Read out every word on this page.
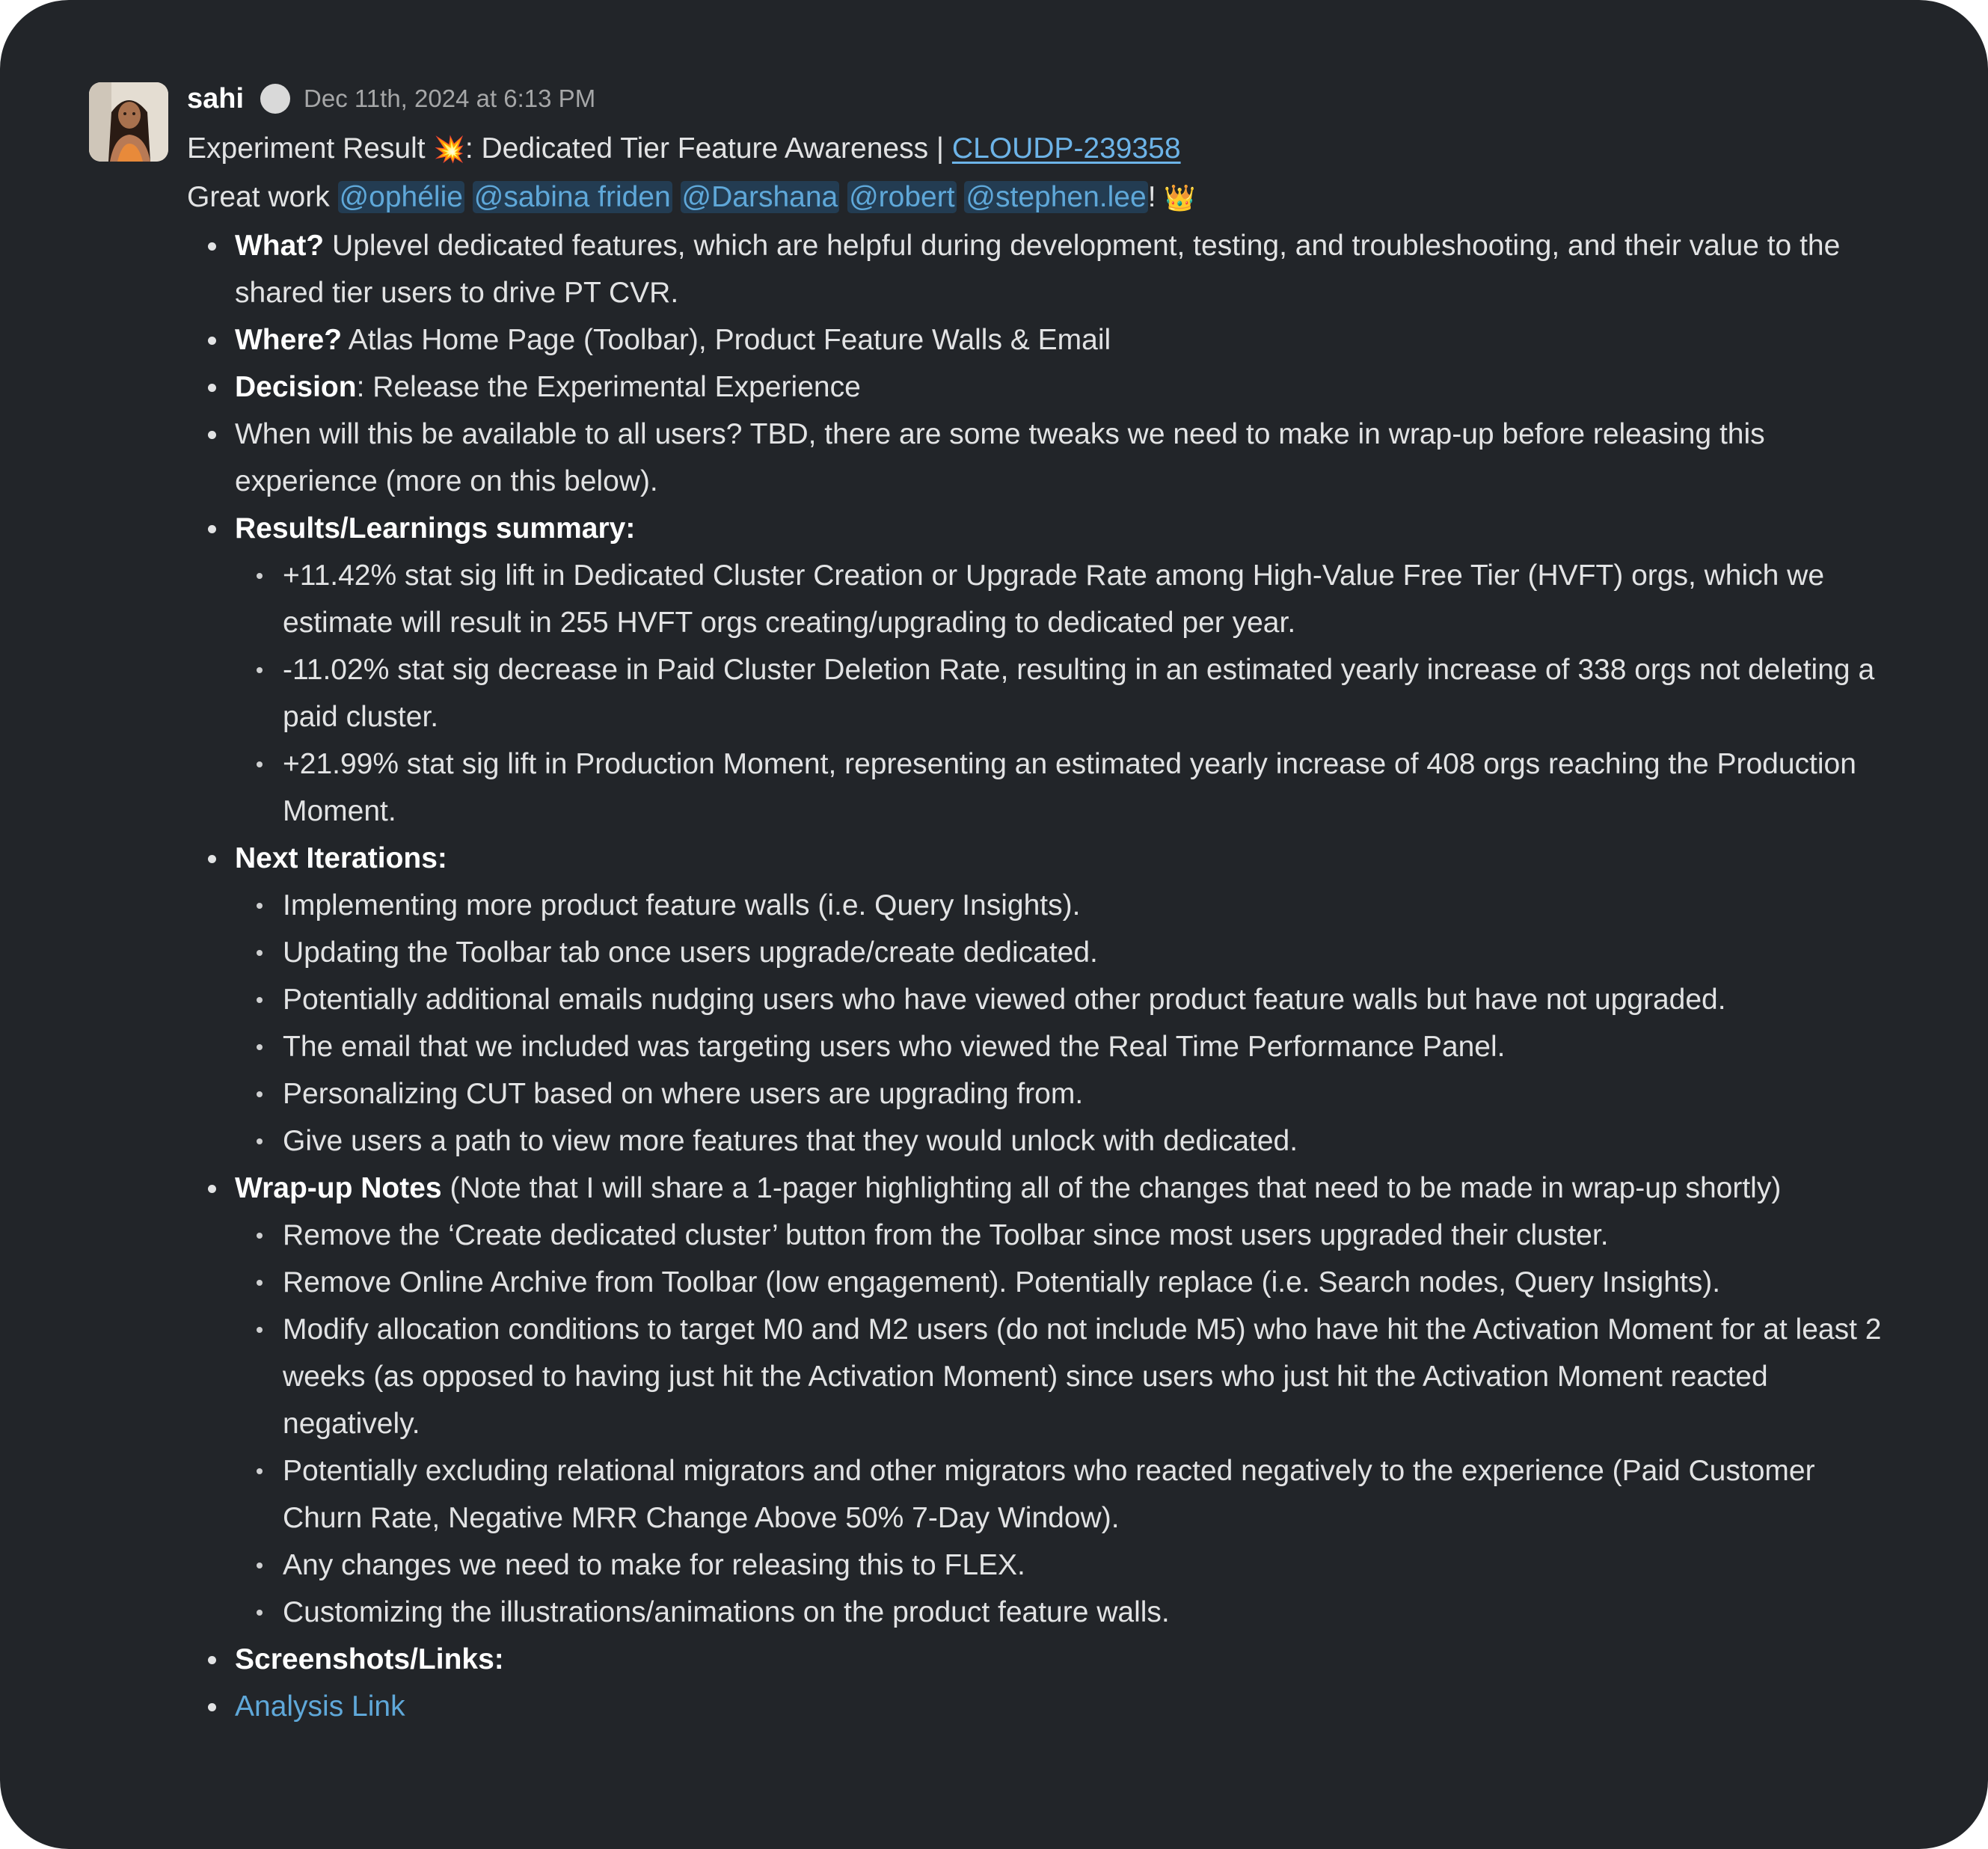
sahi Dec 11th, 2024 at 6:13 PM
Experiment Result 💥: Dedicated Tier Feature Awareness | CLOUDP-239358
Great work @ophélie @sabina friden @Darshana @robert @stephen.lee! 👑
What? Uplevel dedicated features, which are helpful during development, testing, and troubleshooting, and their value to the shared tier users to drive PT CVR.
Where? Atlas Home Page (Toolbar), Product Feature Walls & Email
Decision: Release the Experimental Experience
When will this be available to all users? TBD, there are some tweaks we need to make in wrap-up before releasing this experience (more on this below).
Results/Learnings summary:
+11.42% stat sig lift in Dedicated Cluster Creation or Upgrade Rate among High-Value Free Tier (HVFT) orgs, which we estimate will result in 255 HVFT orgs creating/upgrading to dedicated per year.
-11.02% stat sig decrease in Paid Cluster Deletion Rate, resulting in an estimated yearly increase of 338 orgs not deleting a paid cluster.
+21.99% stat sig lift in Production Moment, representing an estimated yearly increase of 408 orgs reaching the Production Moment.
Next Iterations:
Implementing more product feature walls (i.e. Query Insights).
Updating the Toolbar tab once users upgrade/create dedicated.
Potentially additional emails nudging users who have viewed other product feature walls but have not upgraded.
The email that we included was targeting users who viewed the Real Time Performance Panel.
Personalizing CUT based on where users are upgrading from.
Give users a path to view more features that they would unlock with dedicated.
Wrap-up Notes (Note that I will share a 1-pager highlighting all of the changes that need to be made in wrap-up shortly)
Remove the ‘Create dedicated cluster’ button from the Toolbar since most users upgraded their cluster.
Remove Online Archive from Toolbar (low engagement). Potentially replace (i.e. Search nodes, Query Insights).
Modify allocation conditions to target M0 and M2 users (do not include M5) who have hit the Activation Moment for at least 2 weeks (as opposed to having just hit the Activation Moment) since users who just hit the Activation Moment reacted negatively.
Potentially excluding relational migrators and other migrators who reacted negatively to the experience (Paid Customer Churn Rate, Negative MRR Change Above 50% 7-Day Window).
Any changes we need to make for releasing this to FLEX.
Customizing the illustrations/animations on the product feature walls.
Screenshots/Links:
Analysis Link
